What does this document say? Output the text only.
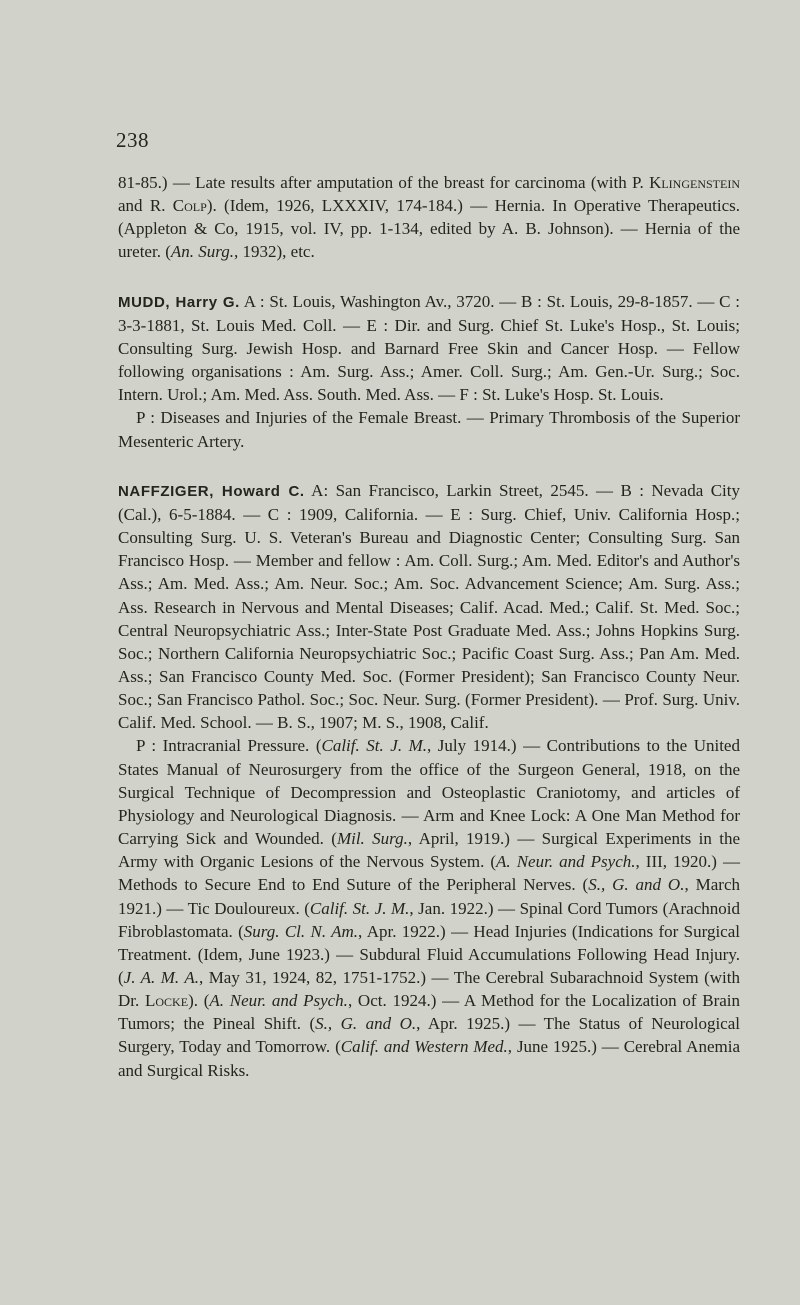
238

81-85.) — Late results after amputation of the breast for carcinoma (with P. Klingenstein and R. Colp). (Idem, 1926, LXXXIV, 174-184.) — Hernia. In Operative Therapeutics. (Appleton & Co, 1915, vol. IV, pp. 1-134, edited by A. B. Johnson). — Hernia of the ureter. (An. Surg., 1932), etc.

MUDD, Harry G. A : St. Louis, Washington Av., 3720. — B : St. Louis, 29-8-1857. — C : 3-3-1881, St. Louis Med. Coll. — E : Dir. and Surg. Chief St. Luke's Hosp., St. Louis; Consulting Surg. Jewish Hosp. and Barnard Free Skin and Cancer Hosp. — Fellow following organisations : Am. Surg. Ass.; Amer. Coll. Surg.; Am. Gen.-Ur. Surg.; Soc. Intern. Urol.; Am. Med. Ass. South. Med. Ass. — F : St. Luke's Hosp. St. Louis.

P : Diseases and Injuries of the Female Breast. — Primary Thrombosis of the Superior Mesenteric Artery.

NAFFZIGER, Howard C. A: San Francisco, Larkin Street, 2545. — B : Nevada City (Cal.), 6-5-1884. — C : 1909, California. — E : Surg. Chief, Univ. California Hosp.; Consulting Surg. U. S. Veteran's Bureau and Diagnostic Center; Consulting Surg. San Francisco Hosp. — Member and fellow : Am. Coll. Surg.; Am. Med. Editor's and Author's Ass.; Am. Med. Ass.; Am. Neur. Soc.; Am. Soc. Advancement Science; Am. Surg. Ass.; Ass. Research in Nervous and Mental Diseases; Calif. Acad. Med.; Calif. St. Med. Soc.; Central Neuropsychiatric Ass.; Inter-State Post Graduate Med. Ass.; Johns Hopkins Surg. Soc.; Northern California Neuropsychiatric Soc.; Pacific Coast Surg. Ass.; Pan Am. Med. Ass.; San Francisco County Med. Soc. (Former President); San Francisco County Neur. Soc.; San Francisco Pathol. Soc.; Soc. Neur. Surg. (Former President). — Prof. Surg. Univ. Calif. Med. School. — B. S., 1907; M. S., 1908, Calif.

P : Intracranial Pressure. (Calif. St. J. M., July 1914.) — Contributions to the United States Manual of Neurosurgery from the office of the Surgeon General, 1918, on the Surgical Technique of Decompression and Osteoplastic Craniotomy, and articles of Physiology and Neurological Diagnosis. — Arm and Knee Lock: A One Man Method for Carrying Sick and Wounded. (Mil. Surg., April, 1919.) — Surgical Experiments in the Army with Organic Lesions of the Nervous System. (A. Neur. and Psych., III, 1920.) — Methods to Secure End to End Suture of the Peripheral Nerves. (S., G. and O., March 1921.) — Tic Douloureux. (Calif. St. J. M., Jan. 1922.) — Spinal Cord Tumors (Arachnoid Fibroblastomata. (Surg. Cl. N. Am., Apr. 1922.) — Head Injuries (Indications for Surgical Treatment. (Idem, June 1923.) — Subdural Fluid Accumulations Following Head Injury. (J. A. M. A., May 31, 1924, 82, 1751-1752.) — The Cerebral Subarachnoid System (with Dr. Locke). (A. Neur. and Psych., Oct. 1924.) — A Method for the Localization of Brain Tumors; the Pineal Shift. (S., G. and O., Apr. 1925.) — The Status of Neurological Surgery, Today and Tomorrow. (Calif. and Western Med., June 1925.) — Cerebral Anemia and Surgical Risks.
